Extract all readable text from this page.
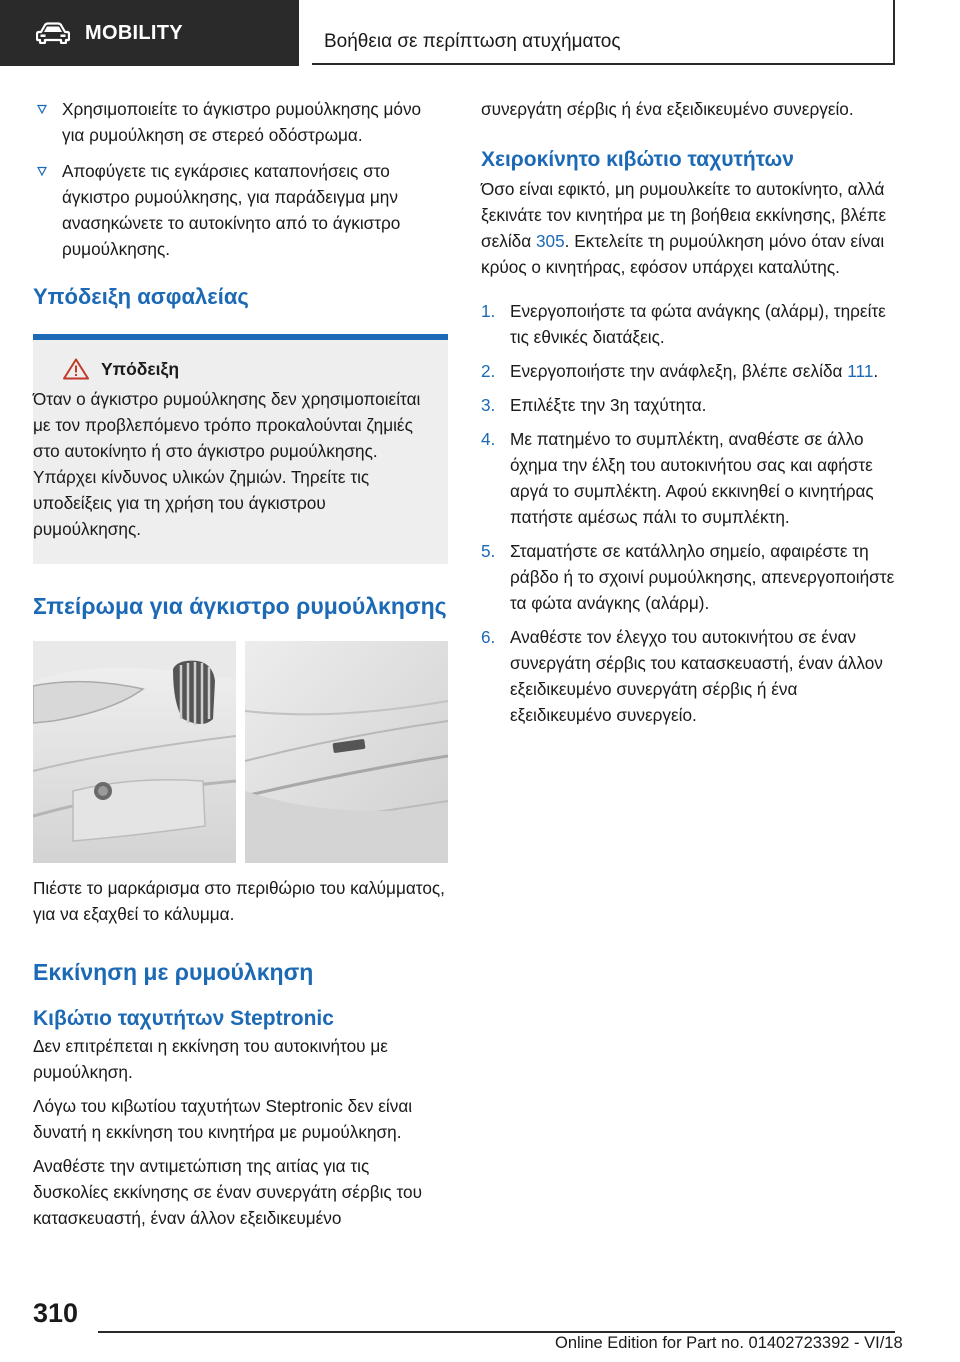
MOBILITY	Βοήθεια σε περίπτωση ατυχήματος
Χρησιμοποιείτε το άγκιστρο ρυμούλκησης μόνο για ρυμούλκηση σε στερεό οδόστρωμα.
Αποφύγετε τις εγκάρσιες καταπονήσεις στο άγκιστρο ρυμούλκησης, για παράδειγμα μην ανασηκώνετε το αυτοκίνητο από το άγκιστρο ρυμούλκησης.
Υπόδειξη ασφαλείας
Υπόδειξη

Όταν ο άγκιστρο ρυμούλκησης δεν χρησιμοποιείται με τον προβλεπόμενο τρόπο προκαλούνται ζημιές στο αυτοκίνητο ή στο άγκιστρο ρυμούλκησης. Υπάρχει κίνδυνος υλικών ζημιών. Τηρείτε τις υποδείξεις για τη χρήση του άγκιστρου ρυμούλκησης.

Σπείρωμα για άγκιστρο ρυμούλκησης

Πιέστε το μαρκάρισμα στο περιθώριο του καλύμματος, για να εξαχθεί το κάλυμμα.

Εκκίνηση με ρυμούλκηση
Κιβώτιο ταχυτήτων Steptronic

Δεν επιτρέπεται η εκκίνηση του αυτοκινήτου με ρυμούλκηση.

Λόγω του κιβωτίου ταχυτήτων Steptronic δεν είναι δυνατή η εκκίνηση του κινητήρα με ρυμούλκηση.

Αναθέστε την αντιμετώπιση της αιτίας για τις δυσκολίες εκκίνησης σε έναν συνεργάτη σέρβις του κατασκευαστή, έναν άλλον εξειδικευμένο

συνεργάτη σέρβις ή ένα εξειδικευμένο συνεργείο.

Χειροκίνητο κιβώτιο ταχυτήτων

Όσο είναι εφικτό, μη ρυμουλκείτε το αυτοκίνητο, αλλά ξεκινάτε τον κινητήρα με τη βοήθεια εκκίνησης, βλέπε σελίδα 305. Εκτελείτε τη ρυμούλκηση μόνο όταν είναι κρύος ο κινητήρας, εφόσον υπάρχει καταλύτης.

1. Ενεργοποιήστε τα φώτα ανάγκης (αλάρμ), τηρείτε τις εθνικές διατάξεις.
2. Ενεργοποιήστε την ανάφλεξη, βλέπε σελίδα 111.
3. Επιλέξτε την 3η ταχύτητα.
4. Με πατημένο το συμπλέκτη, αναθέστε σε άλλο όχημα την έλξη του αυτοκινήτου σας και αφήστε αργά το συμπλέκτη. Αφού εκκινηθεί ο κινητήρας πατήστε αμέσως πάλι το συμπλέκτη.
5. Σταματήστε σε κατάλληλο σημείο, αφαιρέστε τη ράβδο ή το σχοινί ρυμούλκησης, απενεργοποιήστε τα φώτα ανάγκης (αλάρμ).
6. Αναθέστε τον έλεγχο του αυτοκινήτου σε έναν συνεργάτη σέρβις του κατασκευαστή, έναν άλλον εξειδικευμένο συνεργάτη σέρβις ή ένα εξειδικευμένο συνεργείο.
310
Online Edition for Part no. 01402723392 - VI/18
